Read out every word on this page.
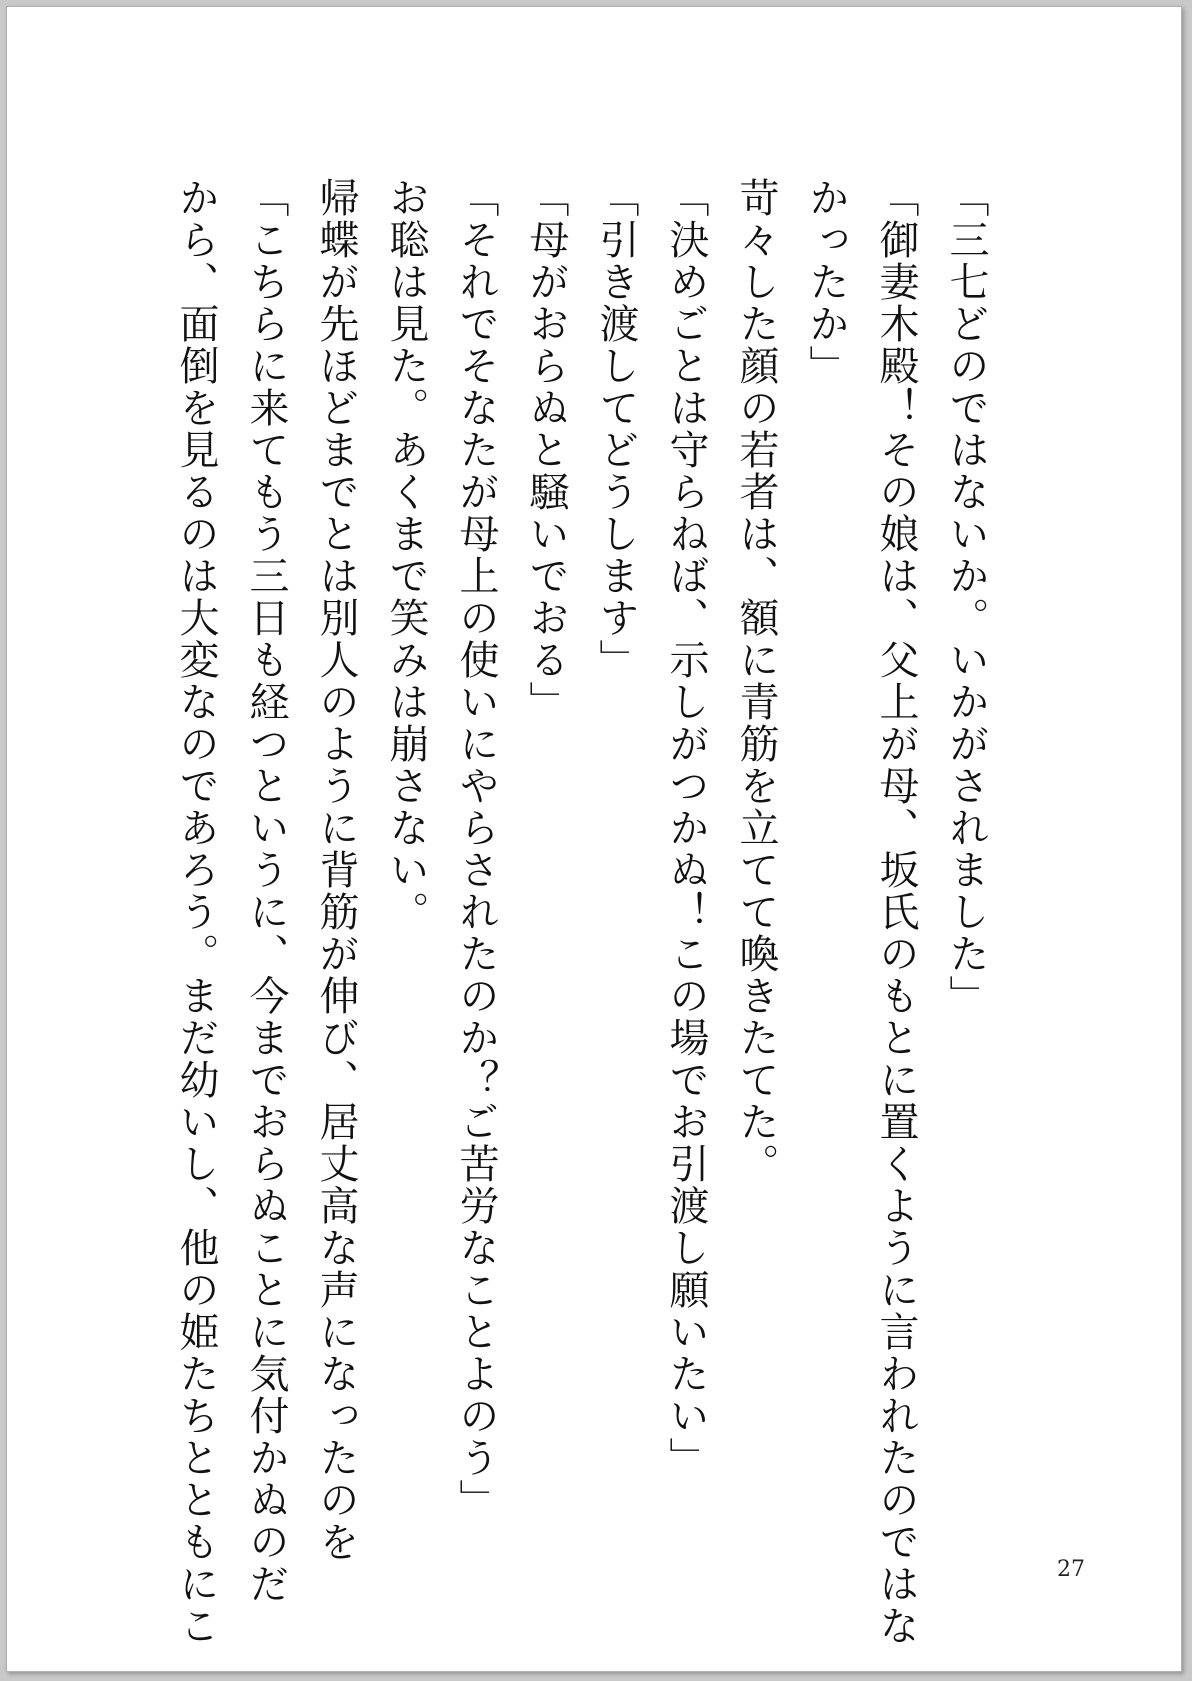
「三七どのではないか。いかがされました」
「御妻木殿！その娘は、父上が母、坂氏のもとに置くように言われたのではな
かったか」
苛々した顔の若者は、額に青筋を立てて喚きたてた。
「決めごとは守らねば、示しがつかぬ！この場でお引渡し願いたい」
「引き渡してどうします」
「母がおらぬと騒いでおる」
「それでそなたが母上の使いにやらされたのか？ご苦労なことよのう」
お聡は見た。あくまで笑みは崩さない。
帰蝶が先ほどまでとは別人のように背筋が伸び、居丈高な声になったのを
「こちらに来てもう三日も経つというに、今までおらぬことに気付かぬのだ
から、面倒を見るのは大変なのであろう。まだ幼いし、他の姫たちとともにこ	27
